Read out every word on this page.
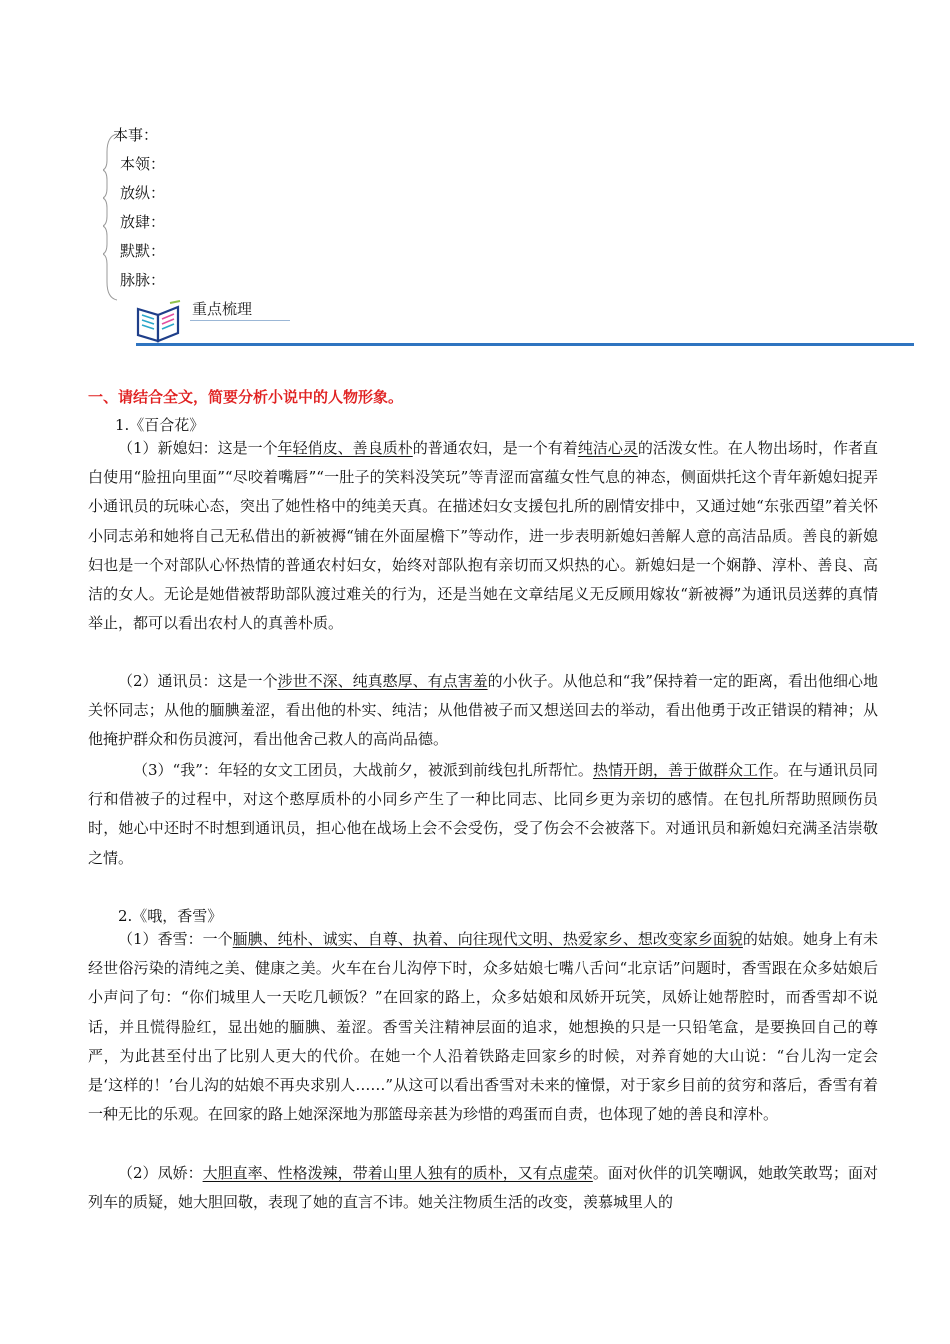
本事：
本领：
放纵：
放肆：
默默：
脉脉：
重点梳理
一、请结合全文，简要分析小说中的人物形象。
1.《百合花》

（1）新媳妇：这是一个年轻俏皮、善良质朴的普通农妇，是一个有着纯洁心灵的活泼女性。在人物出场时，作者直白使用“脸扭向里面”“尽咬着嘴唇”“一肚子的笑料没笑玩”等青涩而富蕴女性气息的神态，侧面烘托这个青年新媳妇捉弄小通讯员的玩味心态，突出了她性格中的纯美天真。在描述妇女支援包扎所的剧情安排中，又通过她“东张西望”着关怀小同志弟和她将自己无私借出的新被褥“铺在外面屋檐下”等动作，进一步表明新媳妇善解人意的高洁品质。善良的新媳妇也是一个对部队心怀热情的普通农村妇女，始终对部队抱有亲切而又炽热的心。新媳妇是一个娴静、淳朴、善良、高洁的女人。无论是她借被帮助部队渡过难关的行为，还是当她在文章结尾义无反顾用嫁妆“新被褥”为通讯员送葬的真情举止，都可以看出农村人的真善朴质。

（2）通讯员：这是一个涉世不深、纯真憨厚、有点害羞的小伙子。从他总和“我”保持着一定的距离，看出他细心地关怀同志；从他的腼腆羞涩，看出他的朴实、纯洁；从他借被子而又想送回去的举动，看出他勇于改正错误的精神；从他掩护群众和伤员渡河，看出他舍己救人的高尚品德。

（3）“我”：年轻的女文工团员，大战前夕，被派到前线包扎所帮忙。热情开朗，善于做群众工作。在与通讯员同行和借被子的过程中，对这个憨厚质朴的小同乡产生了一种比同志、比同乡更为亲切的感情。在包扎所帮助照顾伤员时，她心中还时不时想到通讯员，担心他在战场上会不会受伤，受了伤会不会被落下。对通讯员和新媳妇充满圣洁崇敬之情。

2.《哦，香雪》

（1）香雪：一个腼腆、纯朴、诚实、自尊、执着、向往现代文明、热爱家乡、想改变家乡面貌的姑娘。她身上有未经世俗污染的清纯之美、健康之美。火车在台儿沟停下时，众多姑娘七嘴八舌问“北京话”问题时，香雪跟在众多姑娘后小声问了句：“你们城里人一天吃几顿饭？”在回家的路上，众多姑娘和凤娇开玩笑，凤娇让她帮腔时，而香雪却不说话，并且慌得脸红，显出她的腼腆、羞涩。香雪关注精神层面的追求，她想换的只是一只铅笔盒，是要换回自己的尊严，为此甚至付出了比别人更大的代价。在她一个人沿着铁路走回家乡的时候，对养育她的大山说：“台儿沟一定会是‘这样的！’台儿沟的姑娘不再央求别人……”从这可以看出香雪对未来的憧憬，对于家乡目前的贫穷和落后，香雪有着一种无比的乐观。在回家的路上她深深地为那篮母亲甚为珍惜的鸡蛋而自责，也体现了她的善良和淳朴。

（2）凤娇：大胆直率、性格泼辣，带着山里人独有的质朴，又有点虚荣。面对伙伴的讥笑嘲讽，她敢笑敢骂；面对列车的质疑，她大胆回敬，表现了她的直言不讳。她关注物质生活的改变，羡慕城里人的
